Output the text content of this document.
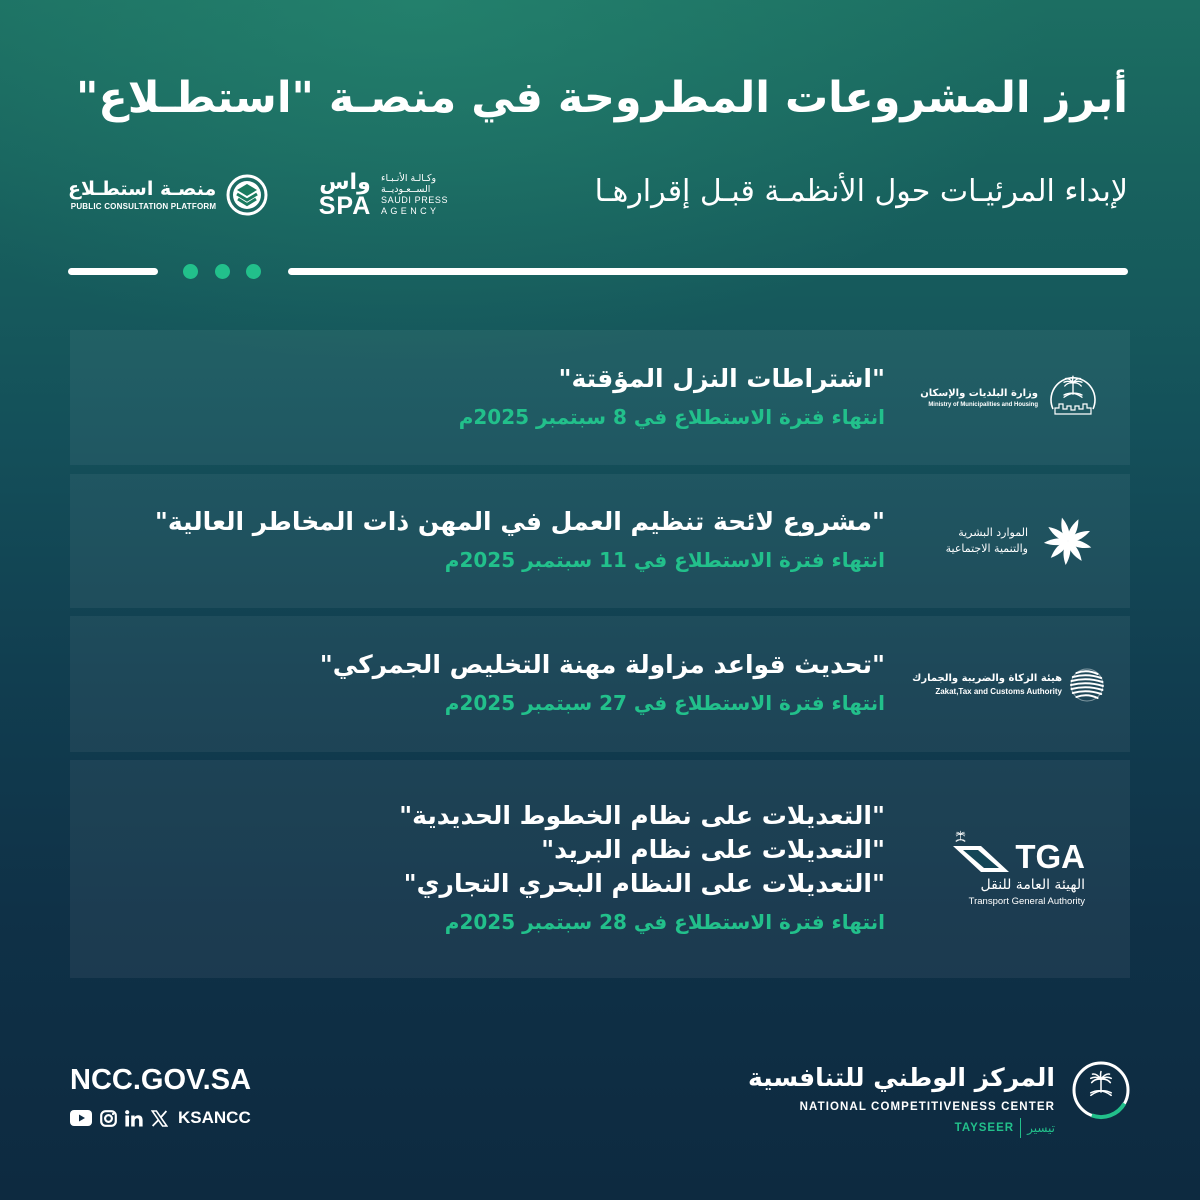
أبرز المشروعات المطروحة في منصـة "استطـلاع"
لإبداء المرئيـات حول الأنظمـة قبـل إقرارهـا
منصـة استطـلاع
PUBLIC CONSULTATION PLATFORM
واس
SPA
وكـالـة الأنـبـاء
الســعـوديــة
SAUDI PRESS
AGENCY
"اشتراطات النزل المؤقتة"
انتهاء فترة الاستطلاع في 8 سبتمبر 2025م
وزارة البلديات والإسكان
Ministry of Municipalities and Housing
"مشروع لائحة تنظيم العمل في المهن ذات المخاطر العالية"
انتهاء فترة الاستطلاع في 11 سبتمبر 2025م
الموارد البشرية
والتنمية الاجتماعية
"تحديث قواعد مزاولة مهنة التخليص الجمركي"
انتهاء فترة الاستطلاع في 27 سبتمبر 2025م
هيئة الزكاة والضريبة والجمارك
Zakat,Tax and Customs Authority
"التعديلات على نظام الخطوط الحديدية"
"التعديلات على نظام البريد"
"التعديلات على النظام البحري التجاري"
انتهاء فترة الاستطلاع في 28 سبتمبر 2025م
TGA
الهيئة العامة للنقل
Transport General Authority
NCC.GOV.SA
KSANCC
المركز الوطني للتنافسية
NATIONAL COMPETITIVENESS CENTER
TAYSEER	تيسير
